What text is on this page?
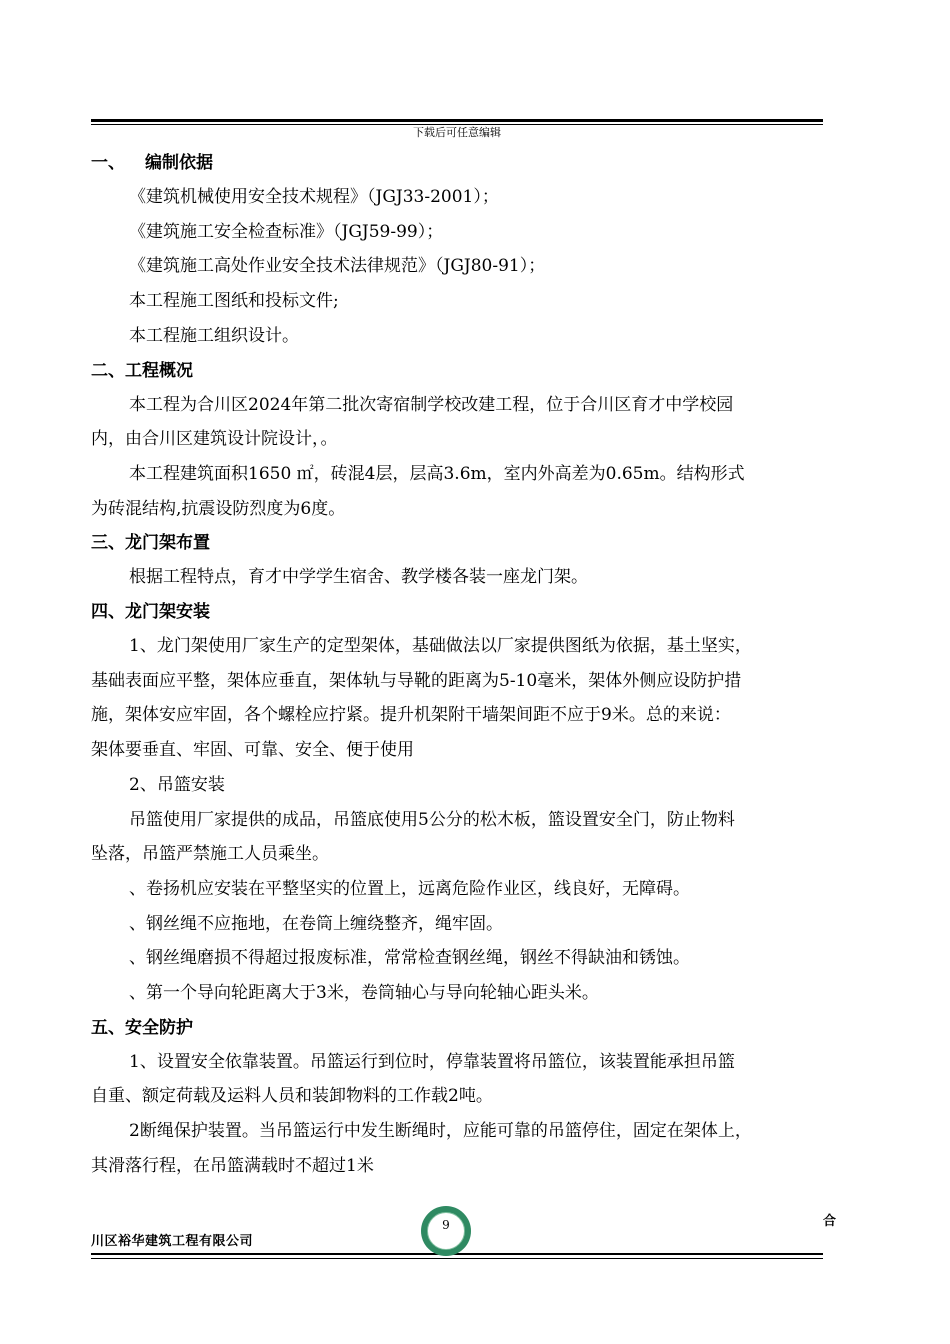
下载后可任意编辑
一、 编制依据
《建筑机械使用安全技术规程》（JGJ33-2001）；
《建筑施工安全检查标准》（JGJ59-99）；
《建筑施工高处作业安全技术法律规范》（JGJ80-91）；
本工程施工图纸和投标文件;
本工程施工组织设计。
二、工程概况
本工程为合川区2024年第二批次寄宿制学校改建工程，位于合川区育才中学校园
内，由合川区建筑设计院设计，。
本工程建筑面积1650 ㎡，砖混4层，层高3.6m，室内外高差为0.65m。结构形式
为砖混结构,抗震设防烈度为6度。
三、龙门架布置
根据工程特点，育才中学学生宿舍、教学楼各装一座龙门架。
四、龙门架安装
1、龙门架使用厂家生产的定型架体，基础做法以厂家提供图纸为依据，基土坚实，
基础表面应平整，架体应垂直，架体轨与导靴的距离为5-10毫米，架体外侧应设防护措
施，架体安应牢固，各个螺栓应拧紧。提升机架附干墙架间距不应于9米。总的来说：
架体要垂直、牢固、可靠、安全、便于使用
2、吊篮安装
吊篮使用厂家提供的成品，吊篮底使用5公分的松木板，篮设置安全门，防止物料
坠落，吊篮严禁施工人员乘坐。
、卷扬机应安装在平整坚实的位置上，远离危险作业区，线良好，无障碍。
、钢丝绳不应拖地，在卷筒上缠绕整齐，绳牢固。
、钢丝绳磨损不得超过报废标准，常常检查钢丝绳，钢丝不得缺油和锈蚀。
、第一个导向轮距离大于3米，卷筒轴心与导向轮轴心距头米。
五、安全防护
1、设置安全依靠装置。吊篮运行到位时，停靠装置将吊篮位，该装置能承担吊篮
自重、额定荷载及运料人员和装卸物料的工作载2吨。
2断绳保护装置。当吊篮运行中发生断绳时，应能可靠的吊篮停住，固定在架体上，
其滑落行程，在吊篮满载时不超过1米
合
川区裕华建筑工程有限公司
9
